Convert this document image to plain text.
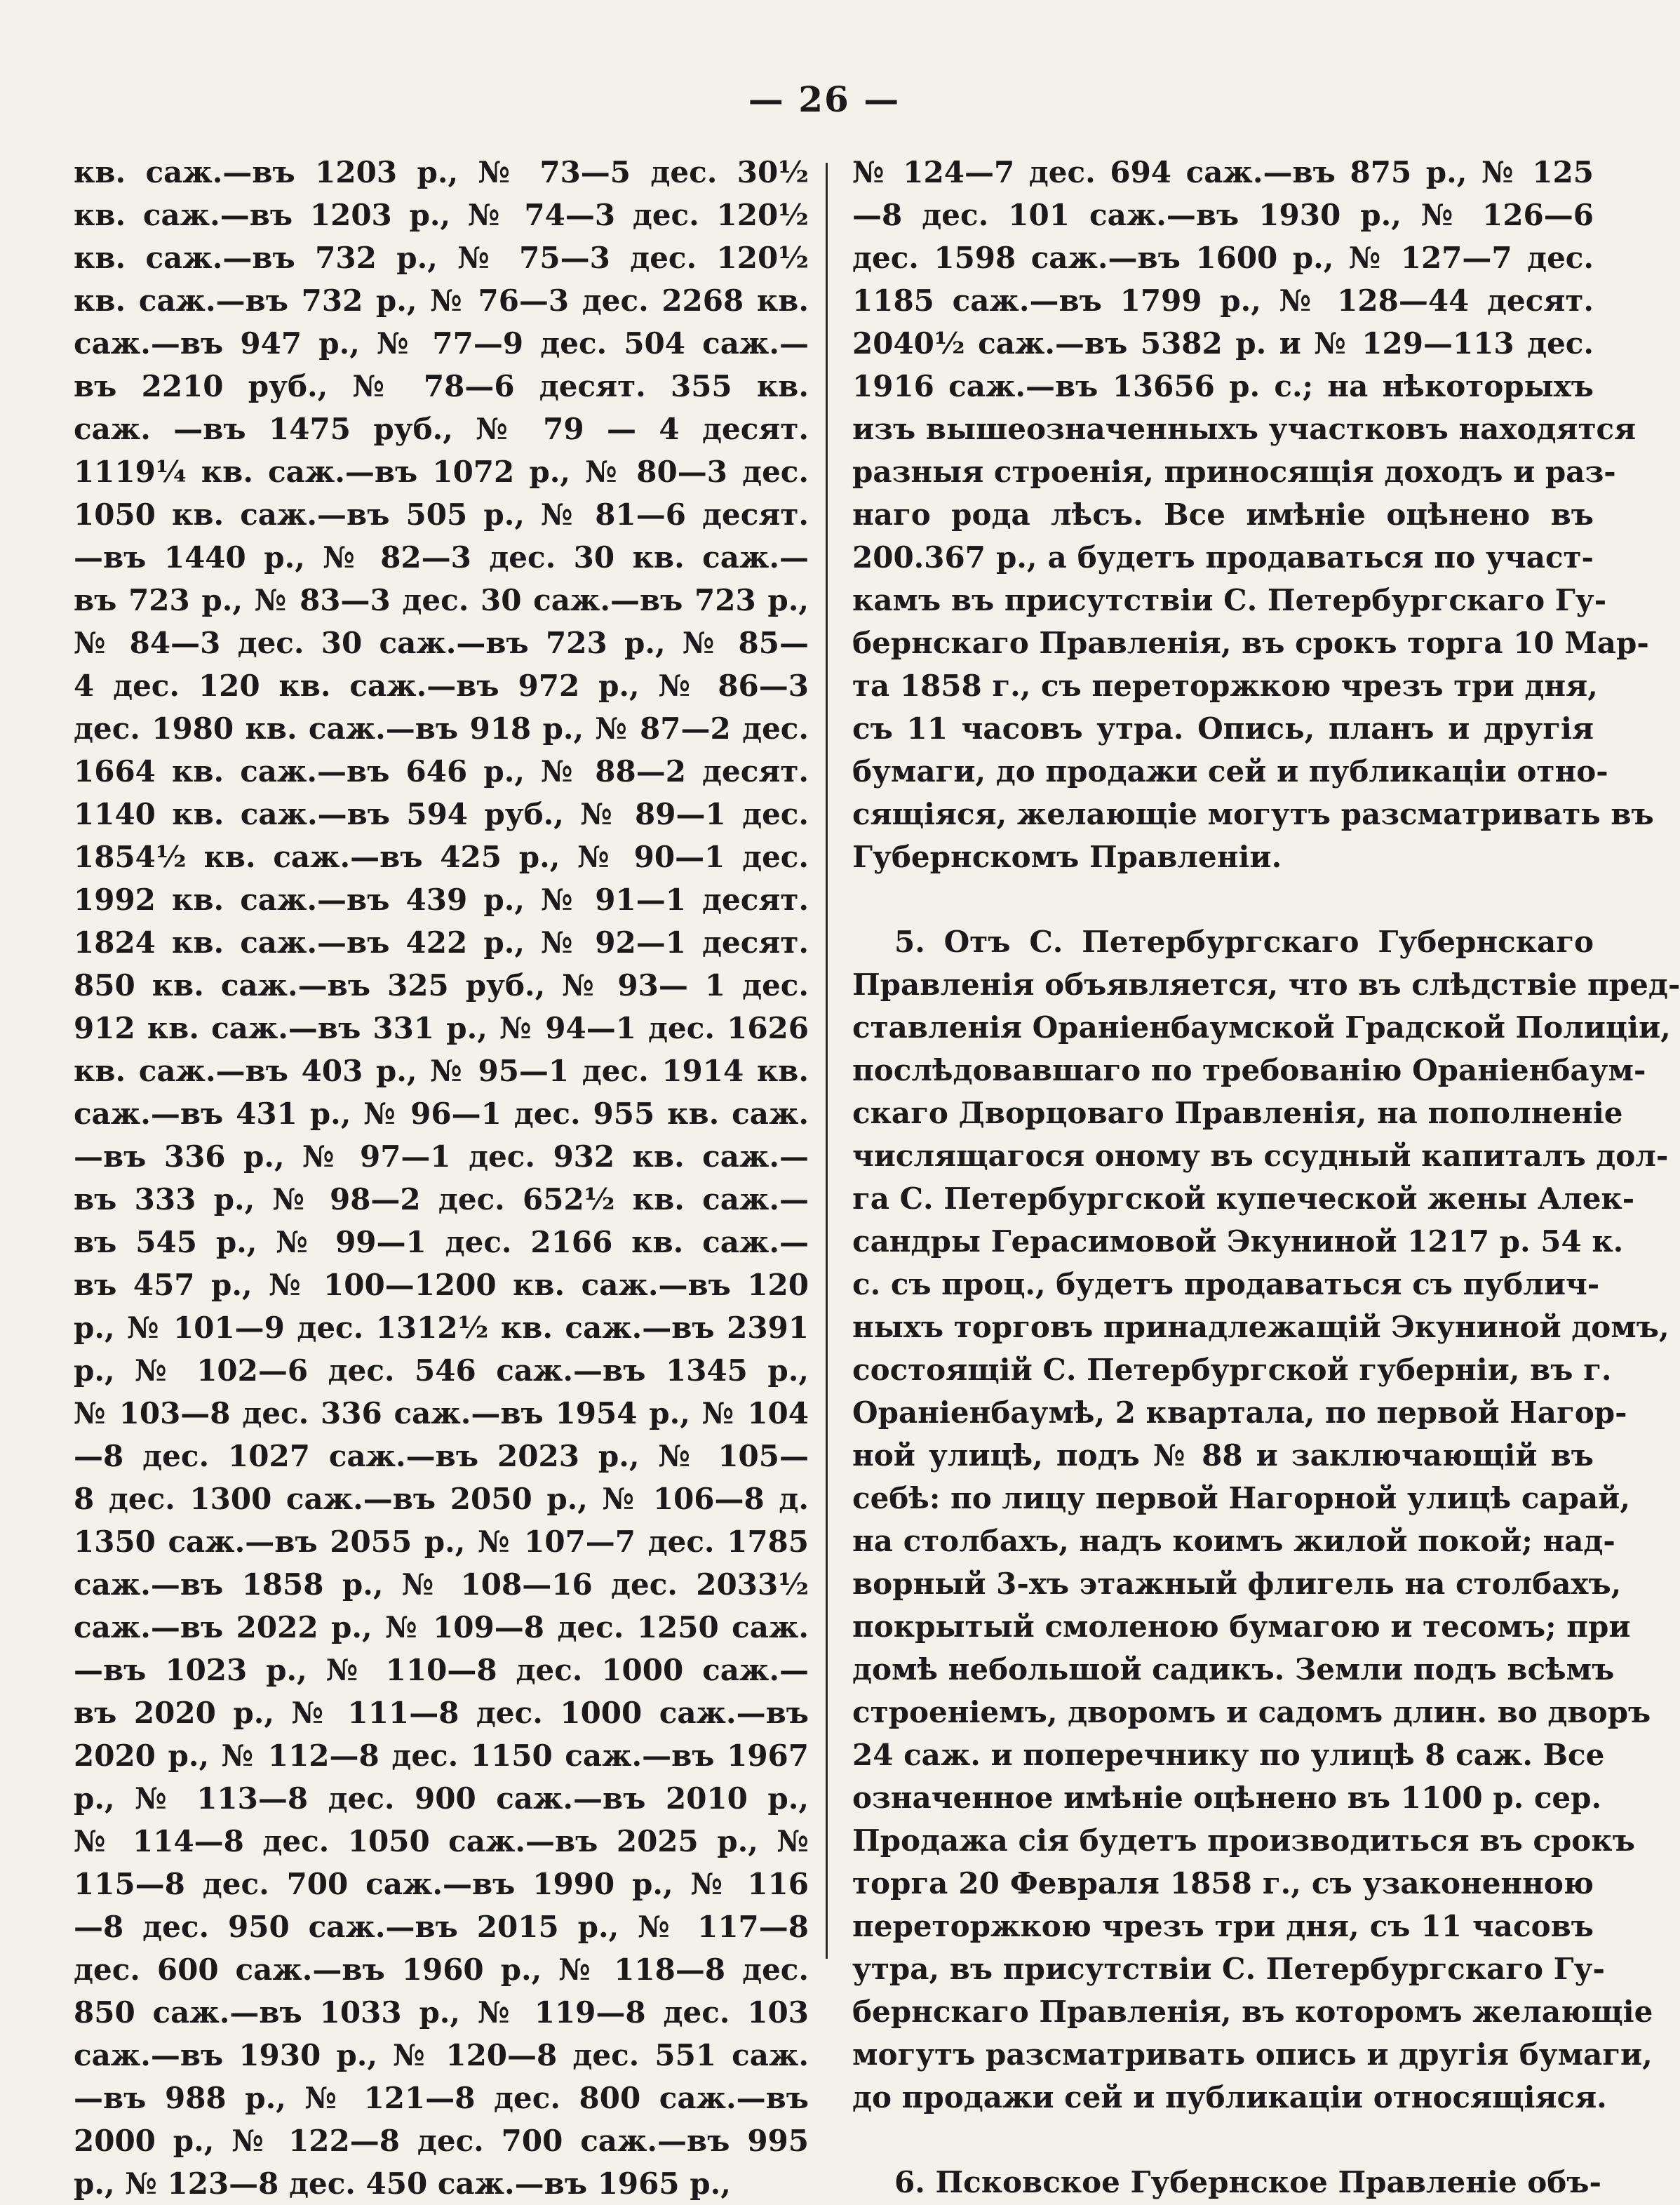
— 26 —
кв. саж.—въ 1203 р., № 73—5 дес. 30½
кв. саж.—въ 1203 р., № 74—3 дес. 120½
кв. саж.—въ 732 р., № 75—3 дес. 120½
кв. саж.—въ 732 р., № 76—3 дес. 2268 кв.
саж.—въ 947 р., № 77—9 дес. 504 саж.—
въ 2210 руб., № 78—6 десят. 355 кв.
саж. —въ 1475 руб., № 79 — 4 десят.
1119¼ кв. саж.—въ 1072 р., № 80—3 дес.
1050 кв. саж.—въ 505 р., № 81—6 десят.
—въ 1440 р., № 82—3 дес. 30 кв. саж.—
въ 723 р., № 83—3 дес. 30 саж.—въ 723 р.,
№ 84—3 дес. 30 саж.—въ 723 р., № 85—
4 дес. 120 кв. саж.—въ 972 р., № 86—3
дес. 1980 кв. саж.—въ 918 р., № 87—2 дес.
1664 кв. саж.—въ 646 р., № 88—2 десят.
1140 кв. саж.—въ 594 руб., № 89—1 дес.
1854½ кв. саж.—въ 425 р., № 90—1 дес.
1992 кв. саж.—въ 439 р., № 91—1 десят.
1824 кв. саж.—въ 422 р., № 92—1 десят.
850 кв. саж.—въ 325 руб., № 93— 1 дес.
912 кв. саж.—въ 331 р., № 94—1 дес. 1626
кв. саж.—въ 403 р., № 95—1 дес. 1914 кв.
саж.—въ 431 р., № 96—1 дес. 955 кв. саж.
—въ 336 р., № 97—1 дес. 932 кв. саж.—
въ 333 р., № 98—2 дес. 652½ кв. саж.—
въ 545 р., № 99—1 дес. 2166 кв. саж.—
въ 457 р., № 100—1200 кв. саж.—въ 120
р., № 101—9 дес. 1312½ кв. саж.—въ 2391
р., № 102—6 дес. 546 саж.—въ 1345 р.,
№ 103—8 дес. 336 саж.—въ 1954 р., № 104
—8 дес. 1027 саж.—въ 2023 р., № 105—
8 дес. 1300 саж.—въ 2050 р., № 106—8 д.
1350 саж.—въ 2055 р., № 107—7 дес. 1785
саж.—въ 1858 р., № 108—16 дес. 2033½
саж.—въ 2022 р., № 109—8 дес. 1250 саж.
—въ 1023 р., № 110—8 дес. 1000 саж.—
въ 2020 р., № 111—8 дес. 1000 саж.—въ
2020 р., № 112—8 дес. 1150 саж.—въ 1967
р., № 113—8 дес. 900 саж.—въ 2010 р.,
№ 114—8 дес. 1050 саж.—въ 2025 р., №
115—8 дес. 700 саж.—въ 1990 р., № 116
—8 дес. 950 саж.—въ 2015 р., № 117—8
дес. 600 саж.—въ 1960 р., № 118—8 дес.
850 саж.—въ 1033 р., № 119—8 дес. 103
саж.—въ 1930 р., № 120—8 дес. 551 саж.
—въ 988 р., № 121—8 дес. 800 саж.—въ
2000 р., № 122—8 дес. 700 саж.—въ 995
р., № 123—8 дес. 450 саж.—въ 1965 р.,
№ 124—7 дес. 694 саж.—въ 875 р., № 125
—8 дес. 101 саж.—въ 1930 р., № 126—6
дес. 1598 саж.—въ 1600 р., № 127—7 дес.
1185 саж.—въ 1799 р., № 128—44 десят.
2040½ саж.—въ 5382 р. и № 129—113 дес.
1916 саж.—въ 13656 р. с.; на нѣкоторыхъ
изъ вышеозначенныхъ участковъ находятся
разныя строенія, приносящія доходъ и раз-
наго рода лѣсъ. Все имѣніе оцѣнено въ
200.367 р., а будетъ продаваться по участ-
камъ въ присутствіи С. Петербургскаго Гу-
бернскаго Правленія, въ срокъ торга 10 Мар-
та 1858 г., съ переторжкою чрезъ три дня,
съ 11 часовъ утра. Опись, планъ и другія
бумаги, до продажи сей и публикаціи отно-
сящіяся, желающіе могутъ разсматривать въ
Губернскомъ Правленіи.
5. Отъ С. Петербургскаго Губернскаго
Правленія объявляется, что въ слѣдствіе пред-
ставленія Ораніенбаумской Градской Полиціи,
послѣдовавшаго по требованію Ораніенбаум-
скаго Дворцоваго Правленія, на пополненіе
числящагося оному въ ссудный капиталъ дол-
га С. Петербургской купеческой жены Алек-
сандры Герасимовой Экуниной 1217 р. 54 к.
с. съ проц., будетъ продаваться съ публич-
ныхъ торговъ принадлежащій Экуниной домъ,
состоящій С. Петербургской губерніи, въ г.
Ораніенбаумѣ, 2 квартала, по первой Нагор-
ной улицѣ, подъ № 88 и заключающій въ
себѣ: по лицу первой Нагорной улицѣ сарай,
на столбахъ, надъ коимъ жилой покой; над-
ворный 3-хъ этажный флигель на столбахъ,
покрытый смоленою бумагою и тесомъ; при
домѣ небольшой садикъ. Земли подъ всѣмъ
строеніемъ, дворомъ и садомъ длин. во дворъ
24 саж. и поперечнику по улицѣ 8 саж. Все
означенное имѣніе оцѣнено въ 1100 р. сер.
Продажа сія будетъ производиться въ срокъ
торга 20 Февраля 1858 г., съ узаконенною
переторжкою чрезъ три дня, съ 11 часовъ
утра, въ присутствіи С. Петербургскаго Гу-
бернскаго Правленія, въ которомъ желающіе
могутъ разсматривать опись и другія бумаги,
до продажи сей и публикаціи относящіяся.
6. Псковское Губернское Правленіе объ-
